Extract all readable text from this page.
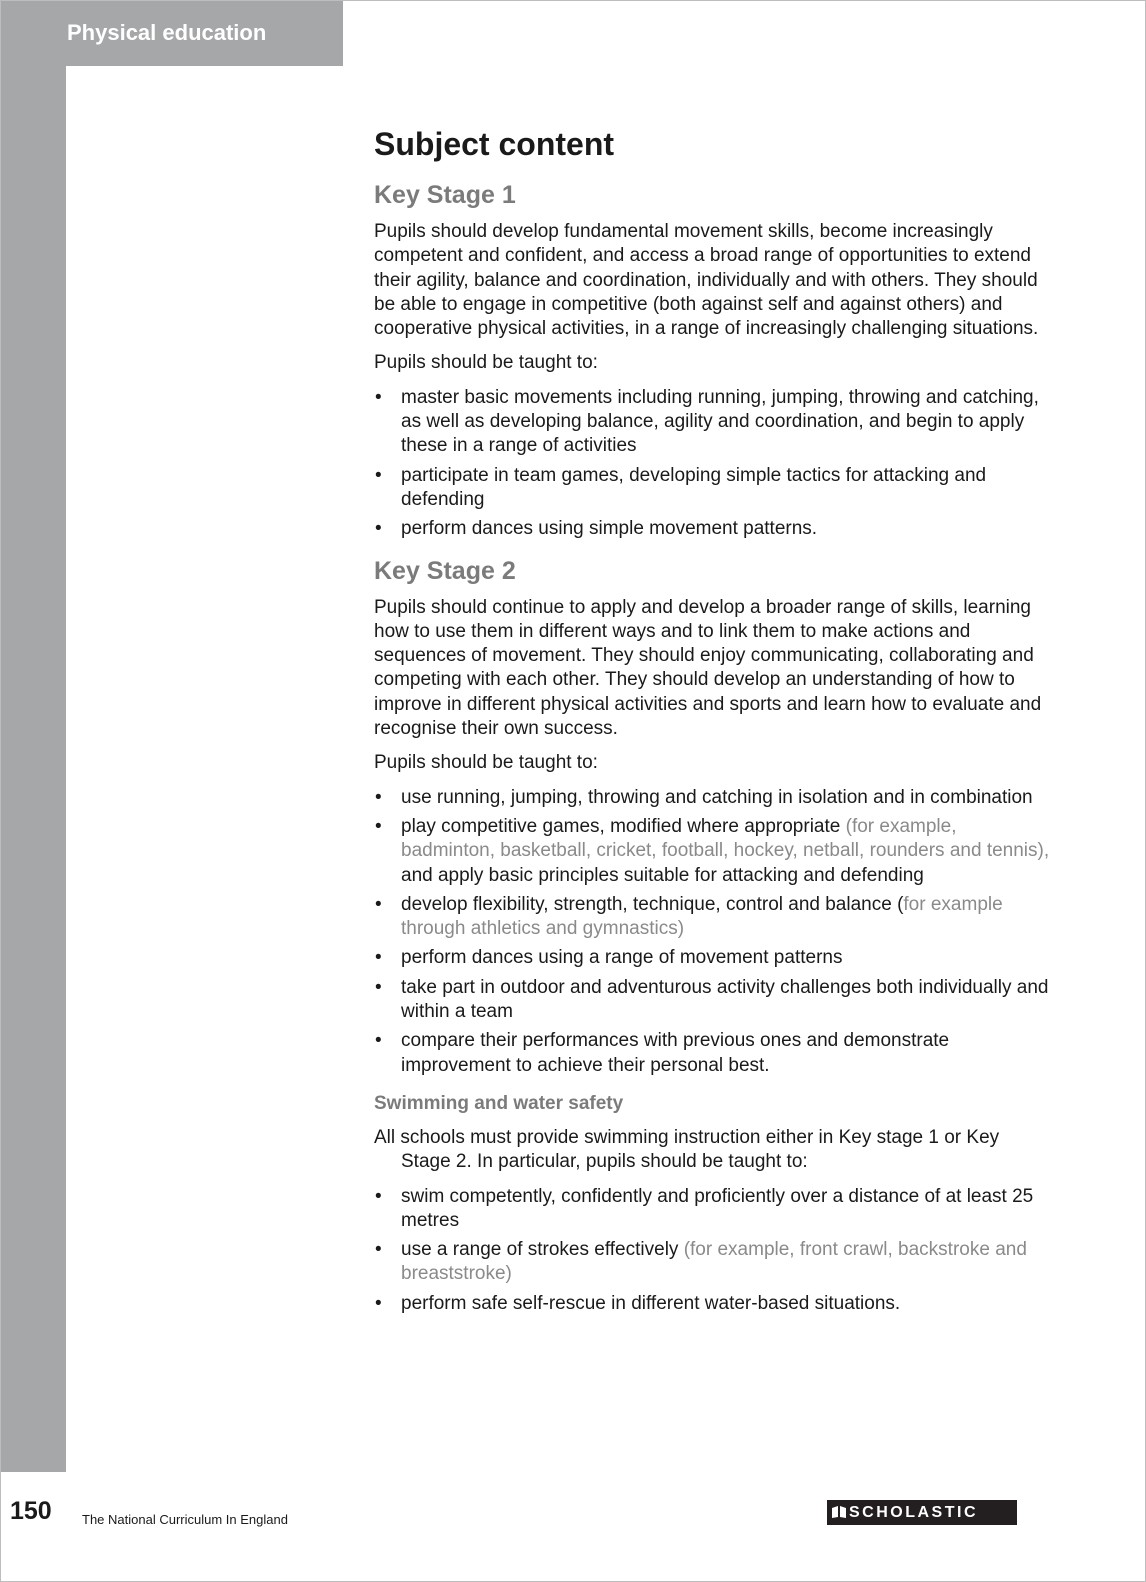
Physical education
Subject content
Key Stage 1

Pupils should develop fundamental movement skills, become increasingly competent and confident, and access a broad range of opportunities to extend their agility, balance and coordination, individually and with others. They should be able to engage in competitive (both against self and against others) and cooperative physical activities, in a range of increasingly challenging situations.

Pupils should be taught to:

• master basic movements including running, jumping, throwing and catching, as well as developing balance, agility and coordination, and begin to apply these in a range of activities
• participate in team games, developing simple tactics for attacking and defending
• perform dances using simple movement patterns.
Key Stage 2

Pupils should continue to apply and develop a broader range of skills, learning how to use them in different ways and to link them to make actions and sequences of movement. They should enjoy communicating, collaborating and competing with each other. They should develop an understanding of how to improve in different physical activities and sports and learn how to evaluate and recognise their own success.

Pupils should be taught to:

• use running, jumping, throwing and catching in isolation and in combination
• play competitive games, modified where appropriate (for example, badminton, basketball, cricket, football, hockey, netball, rounders and tennis), and apply basic principles suitable for attacking and defending
• develop flexibility, strength, technique, control and balance (for example through athletics and gymnastics)
• perform dances using a range of movement patterns
• take part in outdoor and adventurous activity challenges both individually and within a team
• compare their performances with previous ones and demonstrate improvement to achieve their personal best.
Swimming and water safety

All schools must provide swimming instruction either in Key stage 1 or Key Stage 2. In particular, pupils should be taught to:

• swim competently, confidently and proficiently over a distance of at least 25 metres
• use a range of strokes effectively (for example, front crawl, backstroke and breaststroke)
• perform safe self-rescue in different water-based situations.
150 The National Curriculum In England	SCHOLASTIC
